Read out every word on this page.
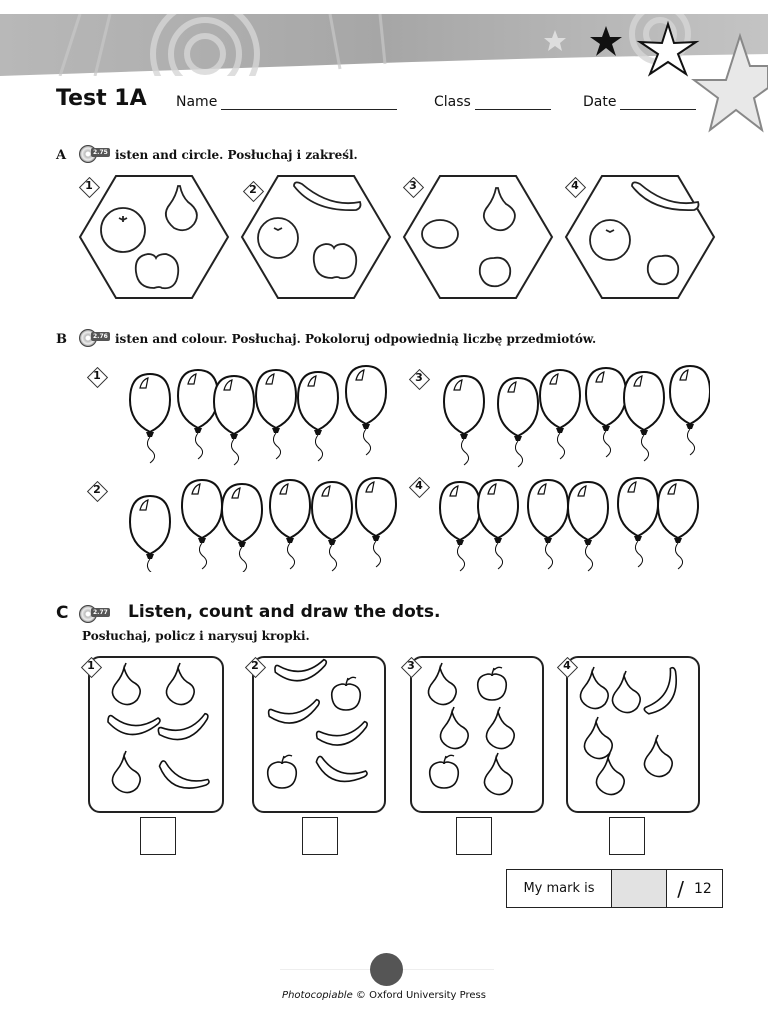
Test 1A Name	Class	Date
A	2.75 isten and circle. Posłuchaj i zakreśl.
1	2	3	4
B	2.76 isten and colour. Posłuchaj. Pokoloruj odpowiednią liczbę przedmiotów.
1
2
3
4
C	2.77 Listen, count and draw the dots.
Posłuchaj, policz i narysuj kropki.
1	2	3	4
My mark is	/ 12
Photocopiable © Oxford University Press
